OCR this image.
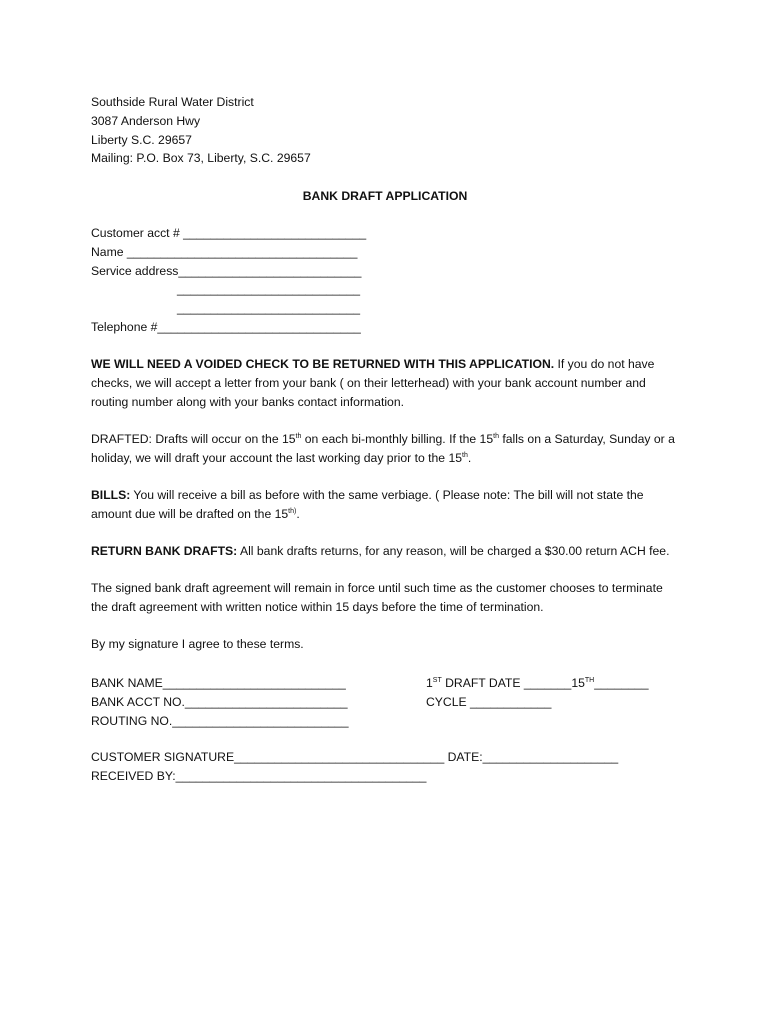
Southside Rural Water District
3087 Anderson Hwy
Liberty S.C. 29657
Mailing: P.O. Box 73, Liberty, S.C. 29657
BANK DRAFT APPLICATION
Customer acct # ___________________________
Name __________________________________
Service address___________________________
___________________________
___________________________
Telephone #______________________________

WE WILL NEED A VOIDED CHECK TO BE RETURNED WITH THIS APPLICATION. If you do not have checks, we will accept a letter from your bank ( on their letterhead) with your bank account number and routing number along with your banks contact information.

DRAFTED: Drafts will occur on the 15th on each bi-monthly billing. If the 15th falls on a Saturday, Sunday or a holiday, we will draft your account the last working day prior to the 15th.

BILLS: You will receive a bill as before with the same verbiage. ( Please note: The bill will not state the amount due will be drafted on the $15^{th)}$.

RETURN BANK DRAFTS: All bank drafts returns, for any reason, will be charged a $30.00 return ACH fee.

The signed bank draft agreement will remain in force until such time as the customer chooses to terminate the draft agreement with written notice within 15 days before the time of termination.

By my signature I agree to these terms.

BANK NAME___________________________
BANK ACCT NO.________________________
ROUTING NO.__________________________
1ST DRAFT DATE _______15TH________
CYCLE ____________
CUSTOMER SIGNATURE_______________________________ DATE:____________________
RECEIVED BY:_____________________________________
